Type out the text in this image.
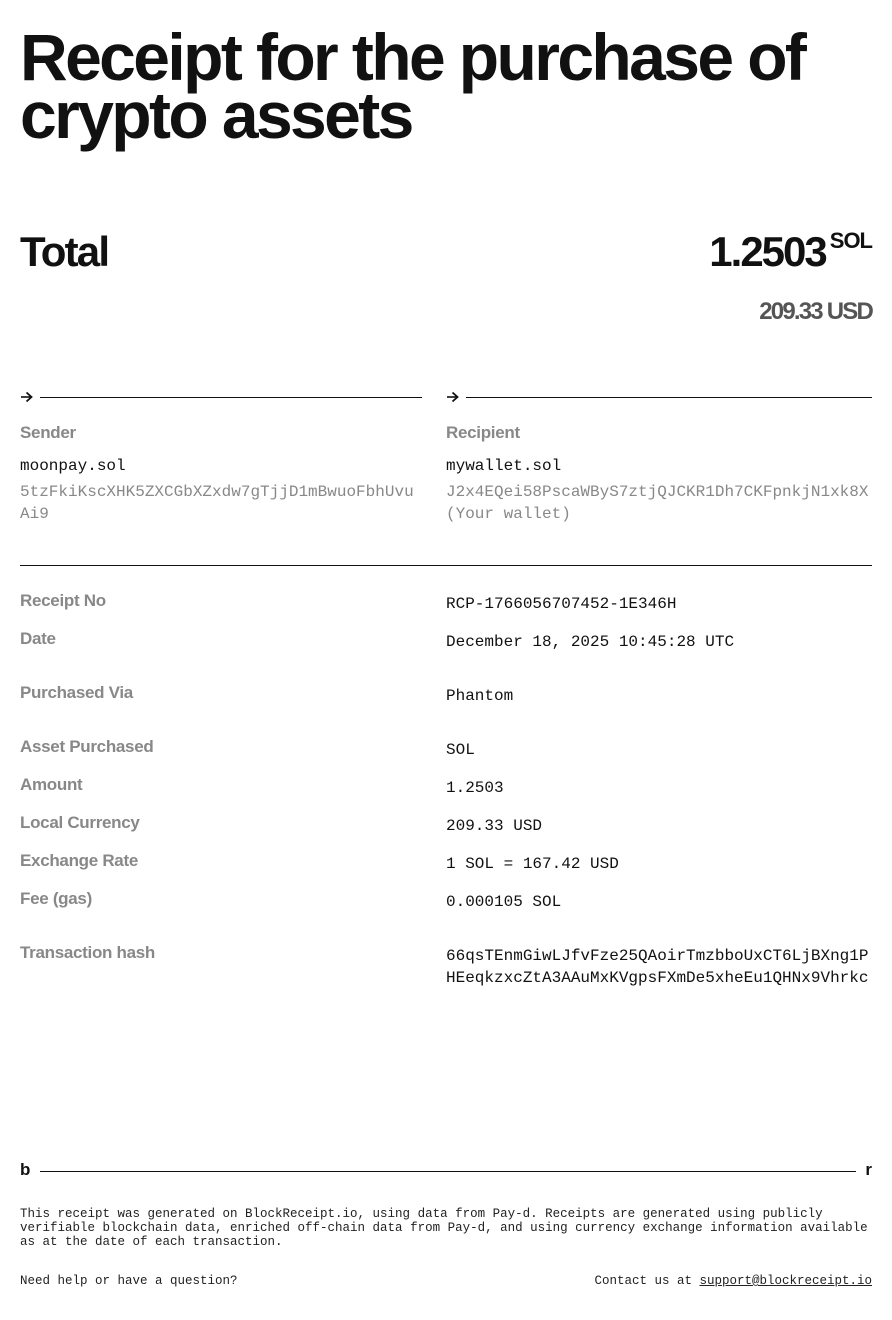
Receipt for the purchase of crypto assets
Total	1.2503 SOL
209.33 USD
Sender
moonpay.sol
5tzFkiKscXHK5ZXCGbXZxdw7gTjjD1mBwuoFbhUvuAi9
Recipient
mywallet.sol
J2x4EQei58PscaWByS7ztjQJCKR1Dh7CKFpnkjN1xk8X (Your wallet)
Receipt No	RCP-1766056707452-1E346H
Date	December 18, 2025 10:45:28 UTC
Purchased Via	Phantom
Asset Purchased	SOL
Amount	1.2503
Local Currency	209.33 USD
Exchange Rate	1 SOL = 167.42 USD
Fee (gas)	0.000105 SOL
Transaction hash	66qsTEnmGiwLJfvFze25QAoirTmzbboUxCT6LjBXng1PHEeqkzxcZtA3AAuMxKVgpsFXmDe5xheEu1QHNx9Vhrkc
b	r

This receipt was generated on BlockReceipt.io, using data from Pay-d. Receipts are generated using publicly verifiable blockchain data, enriched off-chain data from Pay-d, and using currency exchange information available as at the date of each transaction.

Need help or have a question?	Contact us at support@blockreceipt.io
